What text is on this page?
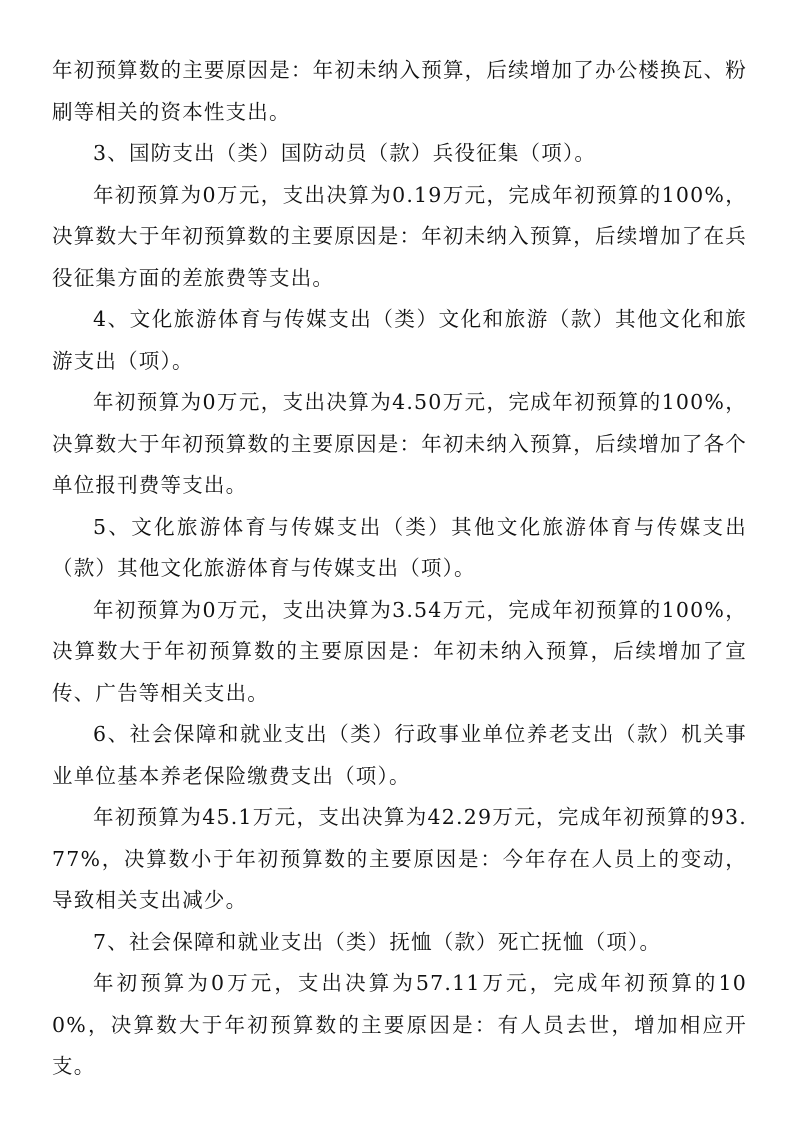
年初预算数的主要原因是：年初未纳入预算，后续增加了办公楼换瓦、粉刷等相关的资本性支出。

3、国防支出（类）国防动员（款）兵役征集（项）。

年初预算为0万元，支出决算为0.19万元，完成年初预算的100%，决算数大于年初预算数的主要原因是：年初未纳入预算，后续增加了在兵役征集方面的差旅费等支出。

4、文化旅游体育与传媒支出（类）文化和旅游（款）其他文化和旅游支出（项）。

年初预算为0万元，支出决算为4.50万元，完成年初预算的100%，决算数大于年初预算数的主要原因是：年初未纳入预算，后续增加了各个单位报刊费等支出。

5、文化旅游体育与传媒支出（类）其他文化旅游体育与传媒支出（款）其他文化旅游体育与传媒支出（项）。

年初预算为0万元，支出决算为3.54万元，完成年初预算的100%，决算数大于年初预算数的主要原因是：年初未纳入预算，后续增加了宣传、广告等相关支出。

6、社会保障和就业支出（类）行政事业单位养老支出（款）机关事业单位基本养老保险缴费支出（项）。

年初预算为45.1万元，支出决算为42.29万元，完成年初预算的93.77%，决算数小于年初预算数的主要原因是：今年存在人员上的变动，导致相关支出减少。

7、社会保障和就业支出（类）抚恤（款）死亡抚恤（项）。

年初预算为0万元，支出决算为57.11万元，完成年初预算的100%，决算数大于年初预算数的主要原因是：有人员去世，增加相应开支。
